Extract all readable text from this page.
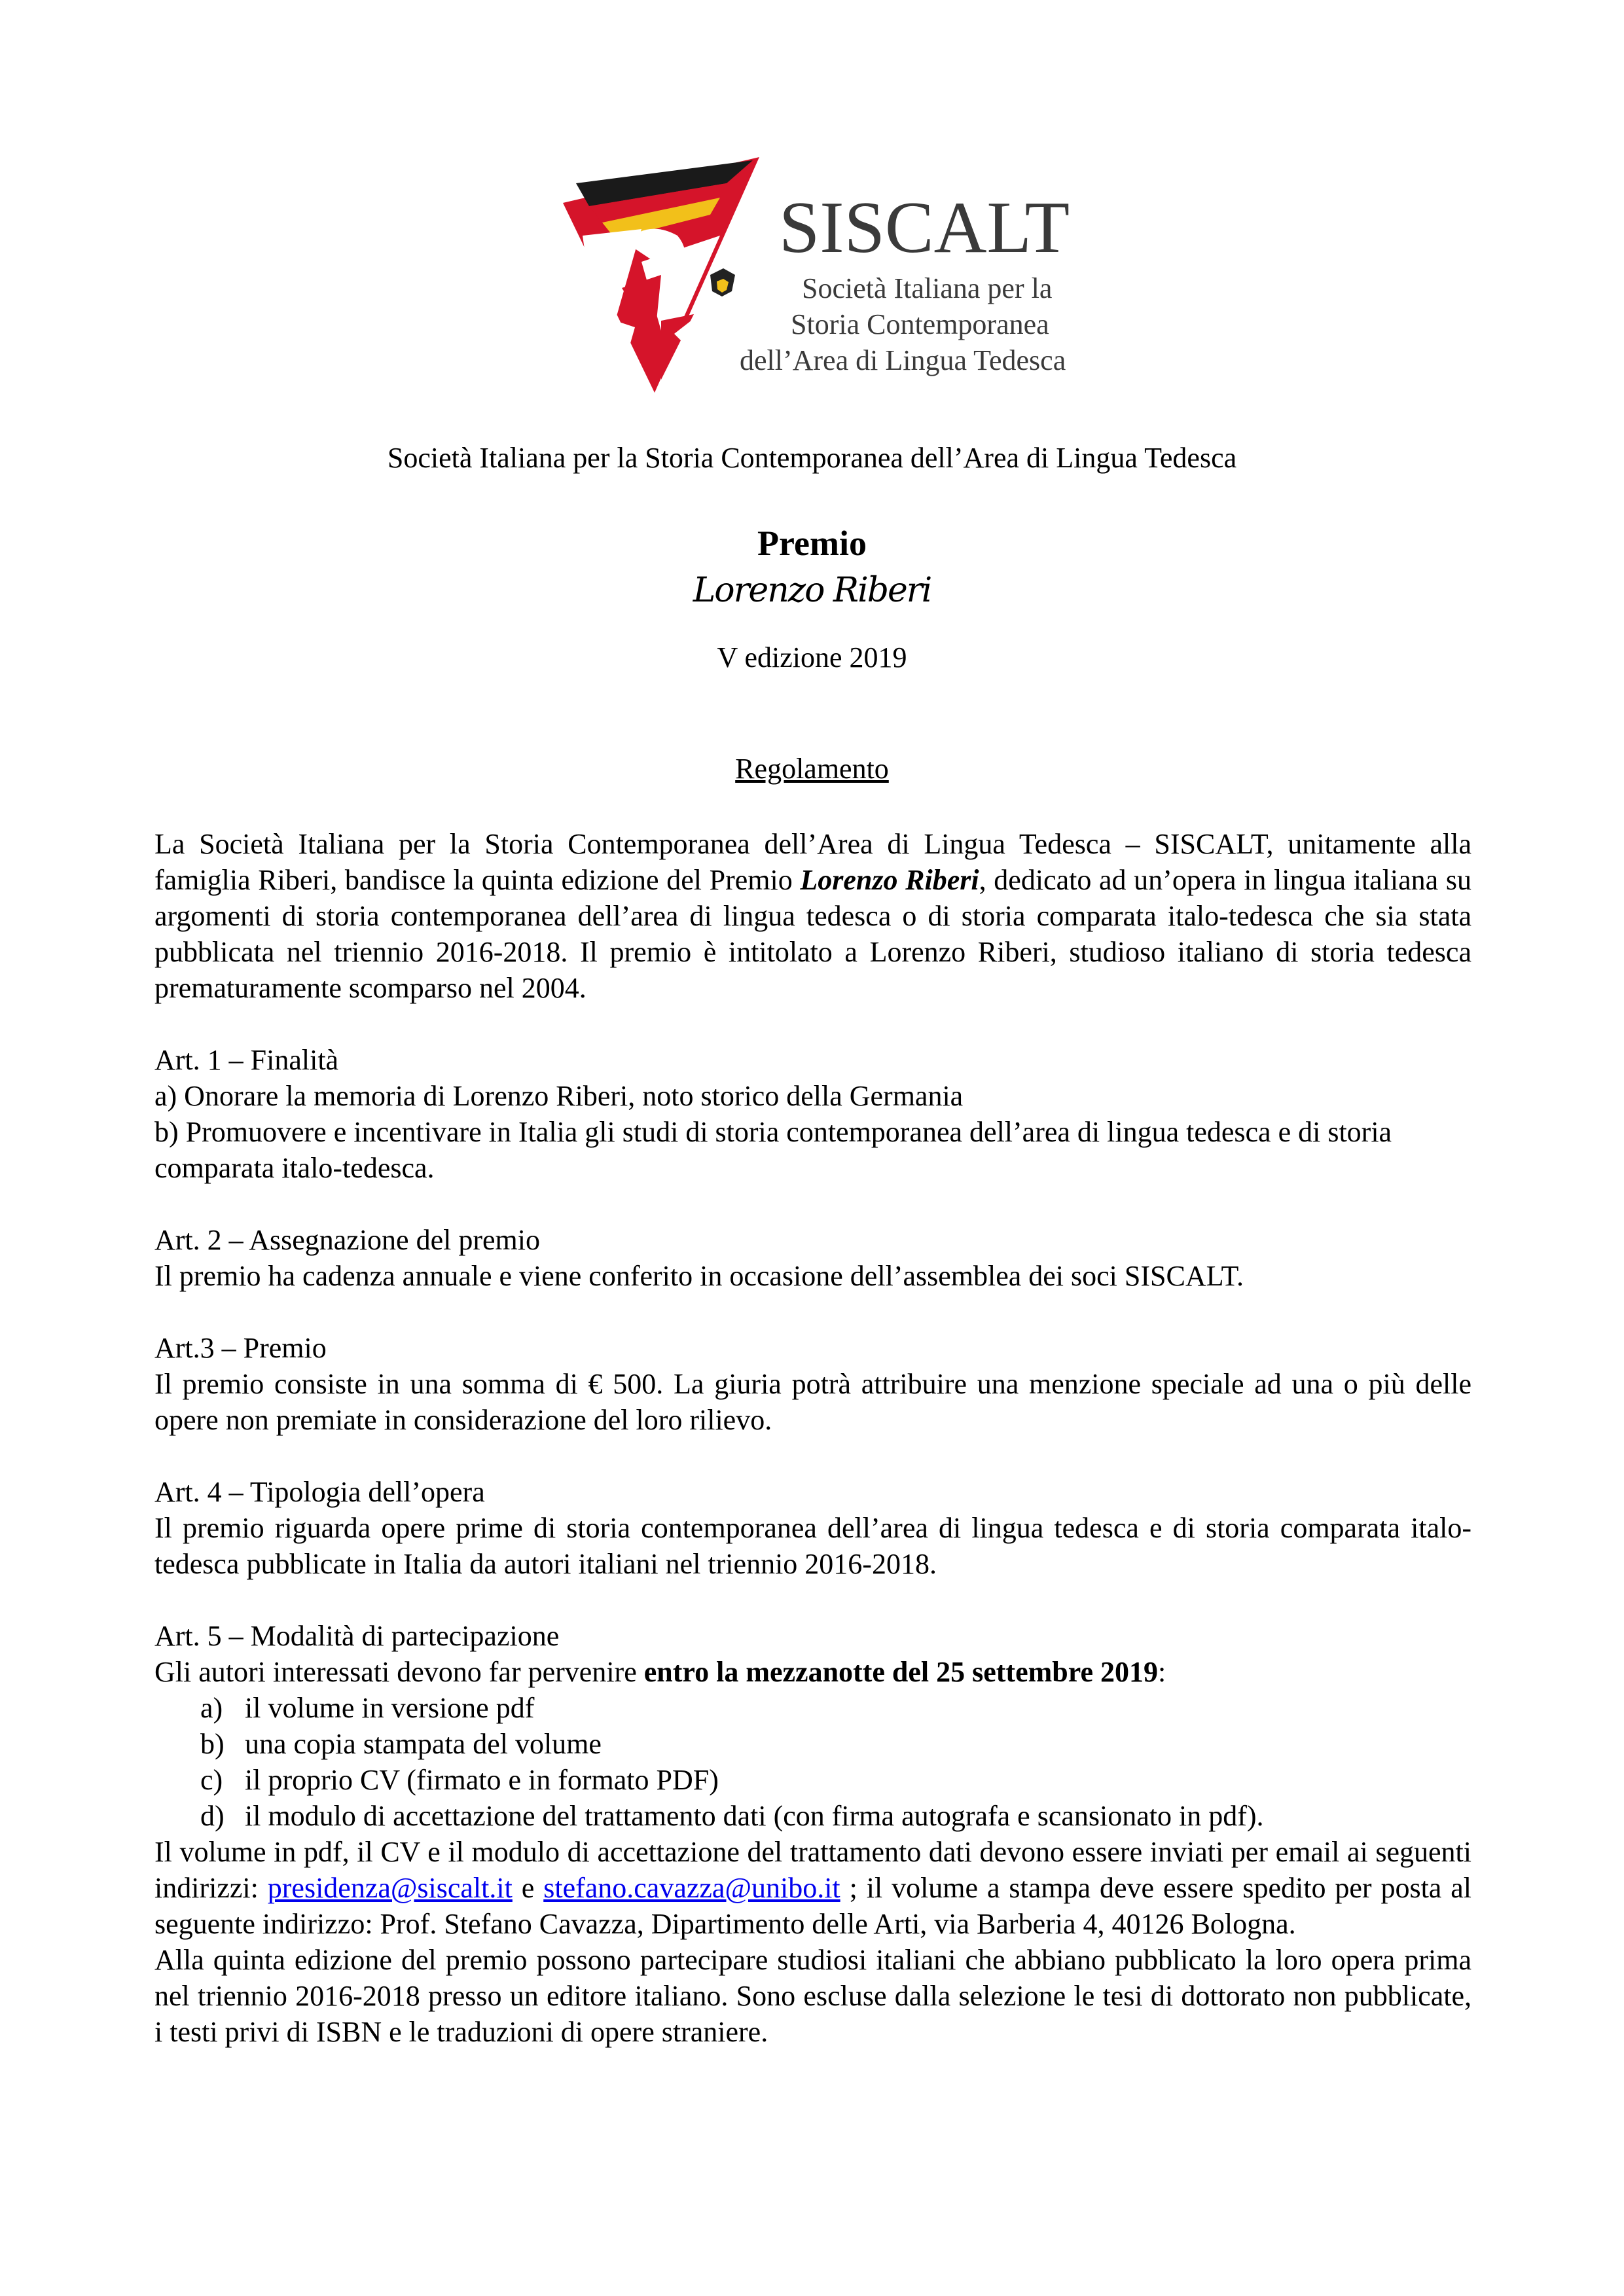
SISCALT
Società Italiana per la
Storia Contemporanea
dell’Area di Lingua Tedesca
Società Italiana per la Storia Contemporanea dell’Area di Lingua Tedesca
Premio
Lorenzo Riberi
V edizione 2019
Regolamento
La Società Italiana per la Storia Contemporanea dell’Area di Lingua Tedesca – SISCALT, unitamente alla famiglia Riberi, bandisce la quinta edizione del Premio Lorenzo Riberi, dedicato ad un’opera in lingua italiana su argomenti di storia contemporanea dell’area di lingua tedesca o di storia comparata italo-tedesca che sia stata pubblicata nel triennio 2016-2018. Il premio è intitolato a Lorenzo Riberi, studioso italiano di storia tedesca prematuramente scomparso nel 2004.

Art. 1 – Finalità

a) Onorare la memoria di Lorenzo Riberi, noto storico della Germania

b) Promuovere e incentivare in Italia gli studi di storia contemporanea dell’area di lingua tedesca e di storia comparata italo-tedesca.

Art. 2 – Assegnazione del premio

Il premio ha cadenza annuale e viene conferito in occasione dell’assemblea dei soci SISCALT.

Art.3 – Premio

Il premio consiste in una somma di € 500. La giuria potrà attribuire una menzione speciale ad una o più delle opere non premiate in considerazione del loro rilievo.

Art. 4 – Tipologia dell’opera

Il premio riguarda opere prime di storia contemporanea dell’area di lingua tedesca e di storia comparata italo-tedesca pubblicate in Italia da autori italiani nel triennio 2016-2018.

Art. 5 – Modalità di partecipazione

Gli autori interessati devono far pervenire entro la mezzanotte del 25 settembre 2019:

a) il volume in versione pdf
b) una copia stampata del volume
c) il proprio CV (firmato e in formato PDF)
d) il modulo di accettazione del trattamento dati (con firma autografa e scansionato in pdf).

Il volume in pdf, il CV e il modulo di accettazione del trattamento dati devono essere inviati per email ai seguenti indirizzi: presidenza@siscalt.it e stefano.cavazza@unibo.it ; il volume a stampa deve essere spedito per posta al seguente indirizzo: Prof. Stefano Cavazza, Dipartimento delle Arti, via Barberia 4, 40126 Bologna.

Alla quinta edizione del premio possono partecipare studiosi italiani che abbiano pubblicato la loro opera prima nel triennio 2016-2018 presso un editore italiano. Sono escluse dalla selezione le tesi di dottorato non pubblicate, i testi privi di ISBN e le traduzioni di opere straniere.
